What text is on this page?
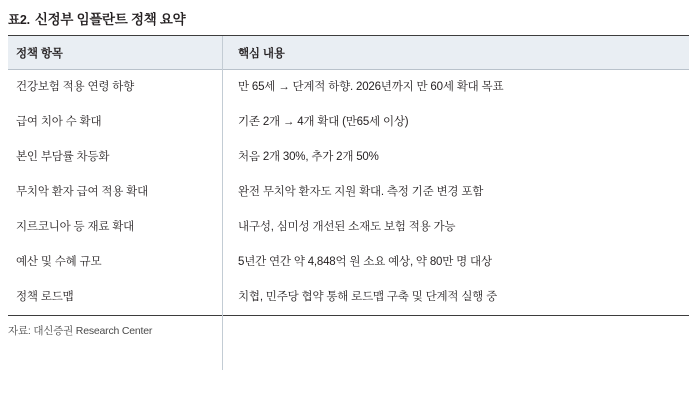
표2. 신정부 임플란트 정책 요약
정책 항목	핵심 내용
건강보험 적용 연령 하향	만 65세 → 단계적 하향. 2026년까지 만 60세 확대 목표
급여 치아 수 확대	기존 2개 → 4개 확대 (만65세 이상)
본인 부담률 차등화	처음 2개 30%, 추가 2개 50%
무치악 환자 급여 적용 확대	완전 무치악 환자도 지원 확대. 측정 기준 변경 포함
지르코니아 등 재료 확대	내구성, 심미성 개선된 소재도 보험 적용 가능
예산 및 수혜 규모	5년간 연간 약 4,848억 원 소요 예상, 약 80만 명 대상
정책 로드맵	치협, 민주당 협약 통해 로드맵 구축 및 단계적 실행 중
자료: 대신증권 Research Center
